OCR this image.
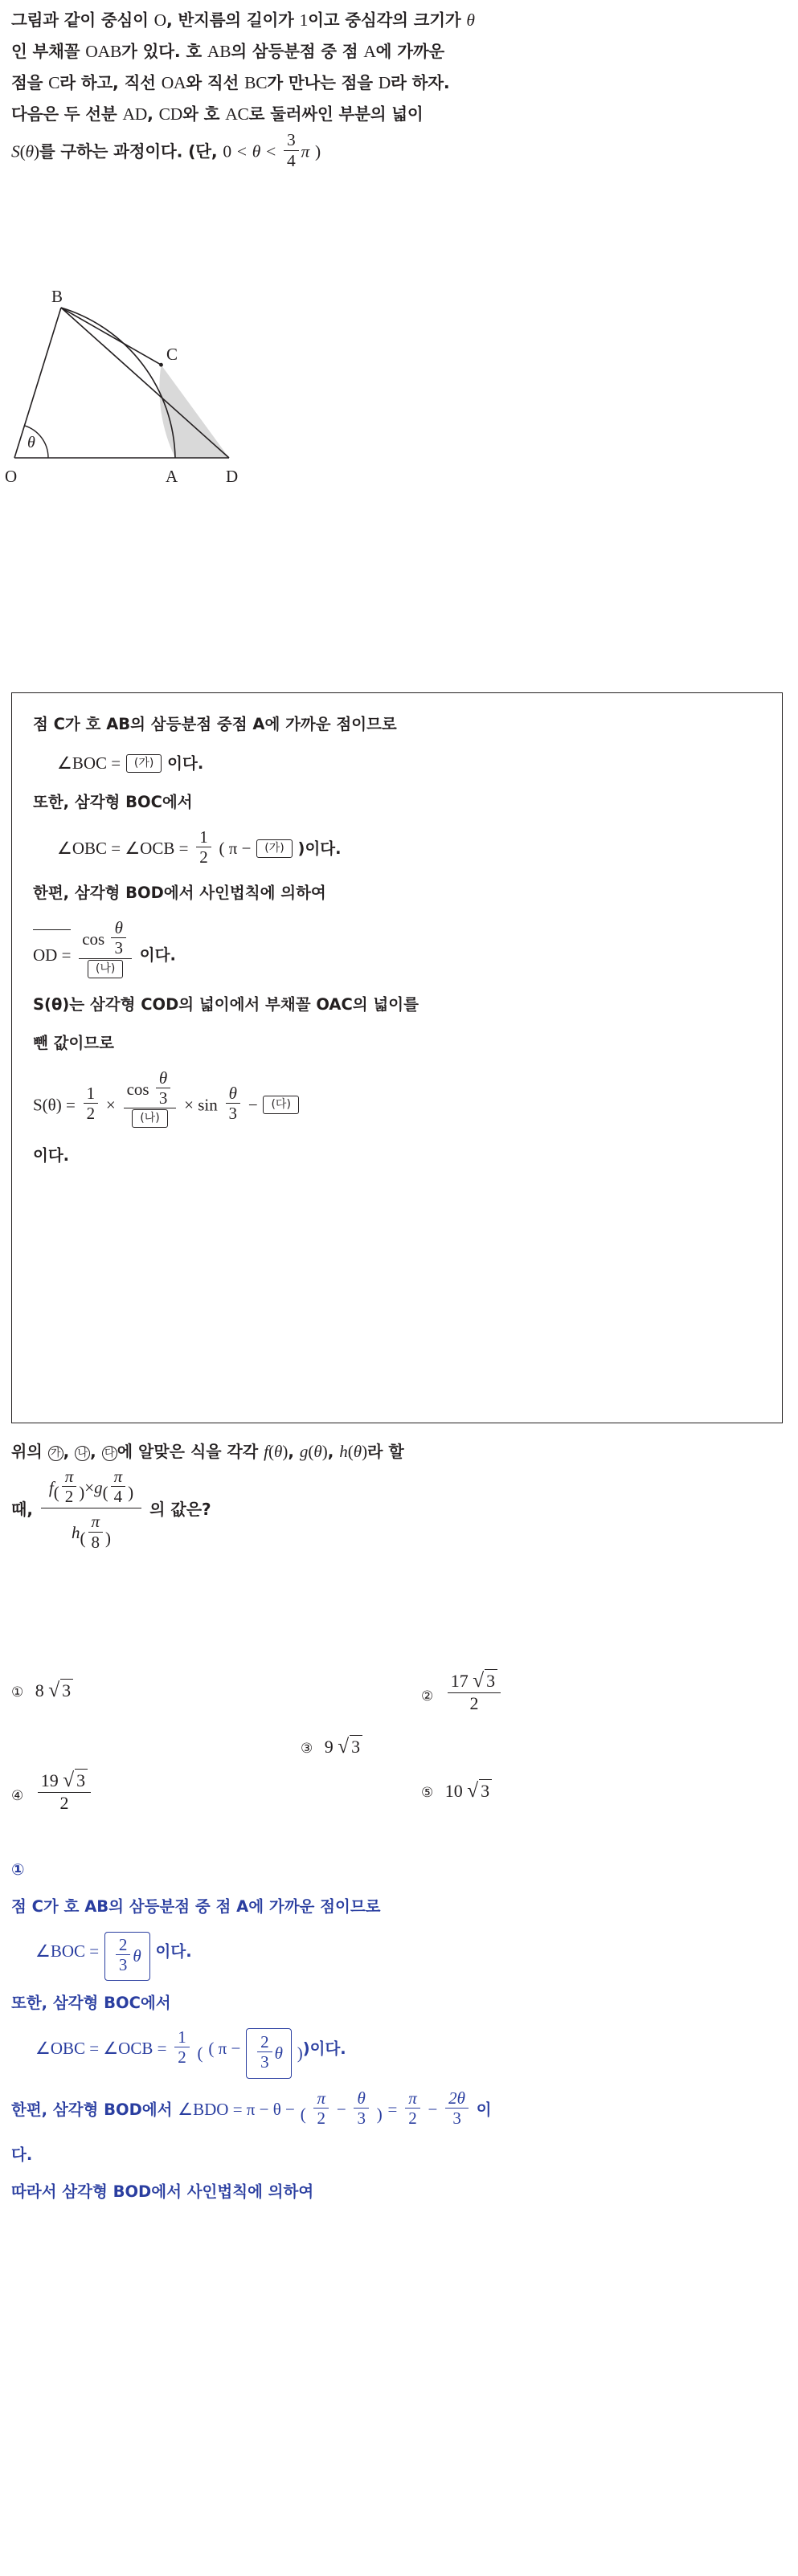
그림과 같이 중심이 O, 반지름의 길이가 1이고 중심각의 크기가 θ
인 부채꼴 OAB가 있다. 호 AB의 삼등분점 중 점 A에 가까운
점을 C라 하고, 직선 OA와 직선 BC가 만나는 점을 D라 하자.
다음은 두 선분 AD, CD와 호 AC로 둘러싸인 부분의 넓이
S(θ)를 구하는 과정이다. (단, $0 < \theta < \frac{3}{4}$ π )
B
C
O	A	D
θ
점 C가 호 AB의 삼등분점 중점 A에 가까운 점이므로
∠BOC = (가) 이다.
또한, 삼각형 BOC에서
∠OBC = ∠OCB = $\frac{1}{2}$ ( π − (가) )이다.
한편, 삼각형 BOD에서 사인법칙에 의하여
OD = $\frac{\cos \frac{\theta}{3}}{\text{(나)}}$ 이다.
S(θ)는 삼각형 COD의 넓이에서 부채꼴 OAC의 넓이를
뺀 값이므로
$S(\theta) = \frac{1}{2} \times \frac{\cos \frac{\theta}{3}}{\text{(나)}} \times \sin \frac{\theta}{3}$ − (다)
이다.
위의 가 , 나 , 다 에 알맞은 식을 각각 f(θ), g(θ), h(θ)라 할
때, $\frac{f( \frac{\pi}{2} )\times g( \frac{\pi}{4} )}{h( \frac{\pi}{8} )}$ 의 값은?
① 8 √ 3	② $\frac{17 √ 3}{2}$
③ 9 √ 3
④ $\frac{19 √ 3}{2}$	⑤ 10 √ 3
①
점 C가 호 AB의 삼등분점 중 점 A에 가까운 점이므로
∠BOC = $\frac{2}{3}$ θ 이다.
또한, 삼각형 BOC에서
∠OBC = ∠OCB = $\frac{1}{2}$ ( ( $\pi - \frac{2}{3}$ θ ))이다.
한편, 삼각형 BOD에서 ∠BDO = π − θ − ( $\frac{\pi}{2} - \frac{\theta}{3}$ ) = $\frac{\pi}{2} - \frac{2\theta}{3}$ 이
다.
따라서 삼각형 BOD에서 사인법칙에 의하여
